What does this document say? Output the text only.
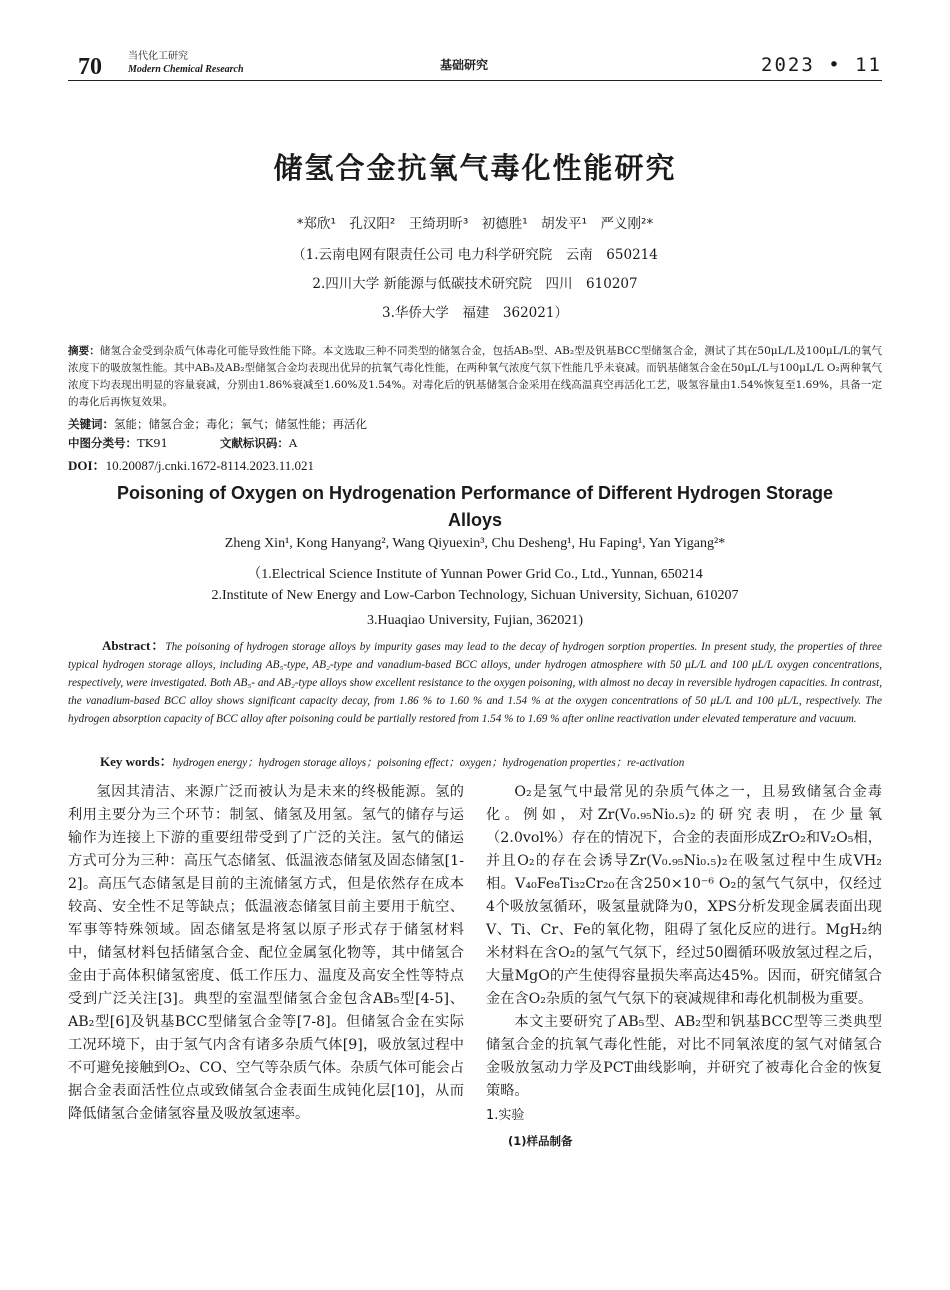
70	当代化工研究
Modern Chemical Research	基础研究	2023 • 11
储氢合金抗氧气毒化性能研究
*郑欣¹　孔汉阳²　王绮玥昕³　初德胜¹　胡发平¹　严义刚²*
（1.云南电网有限责任公司 电力科学研究院　云南　650214
2.四川大学 新能源与低碳技术研究院　四川　610207
3.华侨大学　福建　362021）
摘要：储氢合金受到杂质气体毒化可能导致性能下降。本文选取三种不同类型的储氢合金，包括AB₅型、AB₂型及钒基BCC型储氢合金，测试了其在50μL/L及100μL/L的氧气浓度下的吸放氢性能。其中AB₅及AB₂型储氢合金均表现出优异的抗氧气毒化性能，在两种氧气浓度气氛下性能几乎未衰减。而钒基储氢合金在50μL/L与100μL/L O₂两种氧气浓度下均表现出明显的容量衰减，分别由1.86%衰减至1.60%及1.54%。对毒化后的钒基储氢合金采用在线高温真空再活化工艺，吸氢容量由1.54%恢复至1.69%，具备一定的毒化后再恢复效果。
关键词：氢能；储氢合金；毒化；氧气；储氢性能；再活化
中图分类号：TK91	文献标识码：A
DOI：10.20087/j.cnki.1672-8114.2023.11.021
Poisoning of Oxygen on Hydrogenation Performance of Different Hydrogen Storage Alloys
Zheng Xin¹, Kong Hanyang², Wang Qiyuexin³, Chu Desheng¹, Hu Faping¹, Yan Yigang²*
（1.Electrical Science Institute of Yunnan Power Grid Co., Ltd., Yunnan, 650214
2.Institute of New Energy and Low-Carbon Technology, Sichuan University, Sichuan, 610207
3.Huaqiao University, Fujian, 362021)
Abstract：The poisoning of hydrogen storage alloys by impurity gases may lead to the decay of hydrogen sorption properties. In present study, the properties of three typical hydrogen storage alloys, including AB₅-type, AB₂-type and vanadium-based BCC alloys, under hydrogen atmosphere with 50 μL/L and 100 μL/L oxygen concentrations, respectively, were investigated. Both AB₅- and AB₂-type alloys show excellent resistance to the oxygen poisoning, with almost no decay in reversible hydrogen capacities. In contrast, the vanadium-based BCC alloy shows significant capacity decay, from 1.86 % to 1.60 % and 1.54 % at the oxygen concentrations of 50 μL/L and 100 μL/L, respectively. The hydrogen absorption capacity of BCC alloy after poisoning could be partially restored from 1.54 % to 1.69 % after online reactivation under elevated temperature and vacuum.
Key words：hydrogen energy；hydrogen storage alloys；poisoning effect；oxygen；hydrogenation properties；re-activation

氢因其清洁、来源广泛而被认为是未来的终极能源。氢的利用主要分为三个环节：制氢、储氢及用氢。氢气的储存与运输作为连接上下游的重要纽带受到了广泛的关注。氢气的储运方式可分为三种：高压气态储氢、低温液态储氢及固态储氢[1-2]。高压气态储氢是目前的主流储氢方式，但是依然存在成本较高、安全性不足等缺点；低温液态储氢目前主要用于航空、军事等特殊领域。固态储氢是将氢以原子形式存于储氢材料中，储氢材料包括储氢合金、配位金属氢化物等，其中储氢合金由于高体积储氢密度、低工作压力、温度及高安全性等特点受到广泛关注[3]。典型的室温型储氢合金包含AB₅型[4-5]、AB₂型[6]及钒基BCC型储氢合金等[7-8]。但储氢合金在实际工况环境下，由于氢气内含有诸多杂质气体[9]，吸放氢过程中不可避免接触到O₂、CO、空气等杂质气体。杂质气体可能会占据合金表面活性位点或致储氢合金表面生成钝化层[10]，从而降低储氢合金储氢容量及吸放氢速率。

O₂是氢气中最常见的杂质气体之一，且易致储氢合金毒化。例如，对Zr(V₀.₉₅Ni₀.₅)₂的研究表明，在少量氧（2.0vol%）存在的情况下，合金的表面形成ZrO₂和V₂O₅相，并且O₂的存在会诱导Zr(V₀.₉₅Ni₀.₅)₂在吸氢过程中生成VH₂相。V₄₀Fe₈Ti₃₂Cr₂₀在含250×10⁻⁶ O₂的氢气气氛中，仅经过4个吸放氢循环，吸氢量就降为0，XPS分析发现金属表面出现V、Ti、Cr、Fe的氧化物，阻碍了氢化反应的进行。MgH₂纳米材料在含O₂的氢气气氛下，经过50圈循环吸放氢过程之后，大量MgO的产生使得容量损失率高达45%。因而，研究储氢合金在含O₂杂质的氢气气氛下的衰减规律和毒化机制极为重要。

本文主要研究了AB₅型、AB₂型和钒基BCC型等三类典型储氢合金的抗氧气毒化性能，对比不同氧浓度的氢气对储氢合金吸放氢动力学及PCT曲线影响，并研究了被毒化合金的恢复策略。

1.实验
(1)样品制备
